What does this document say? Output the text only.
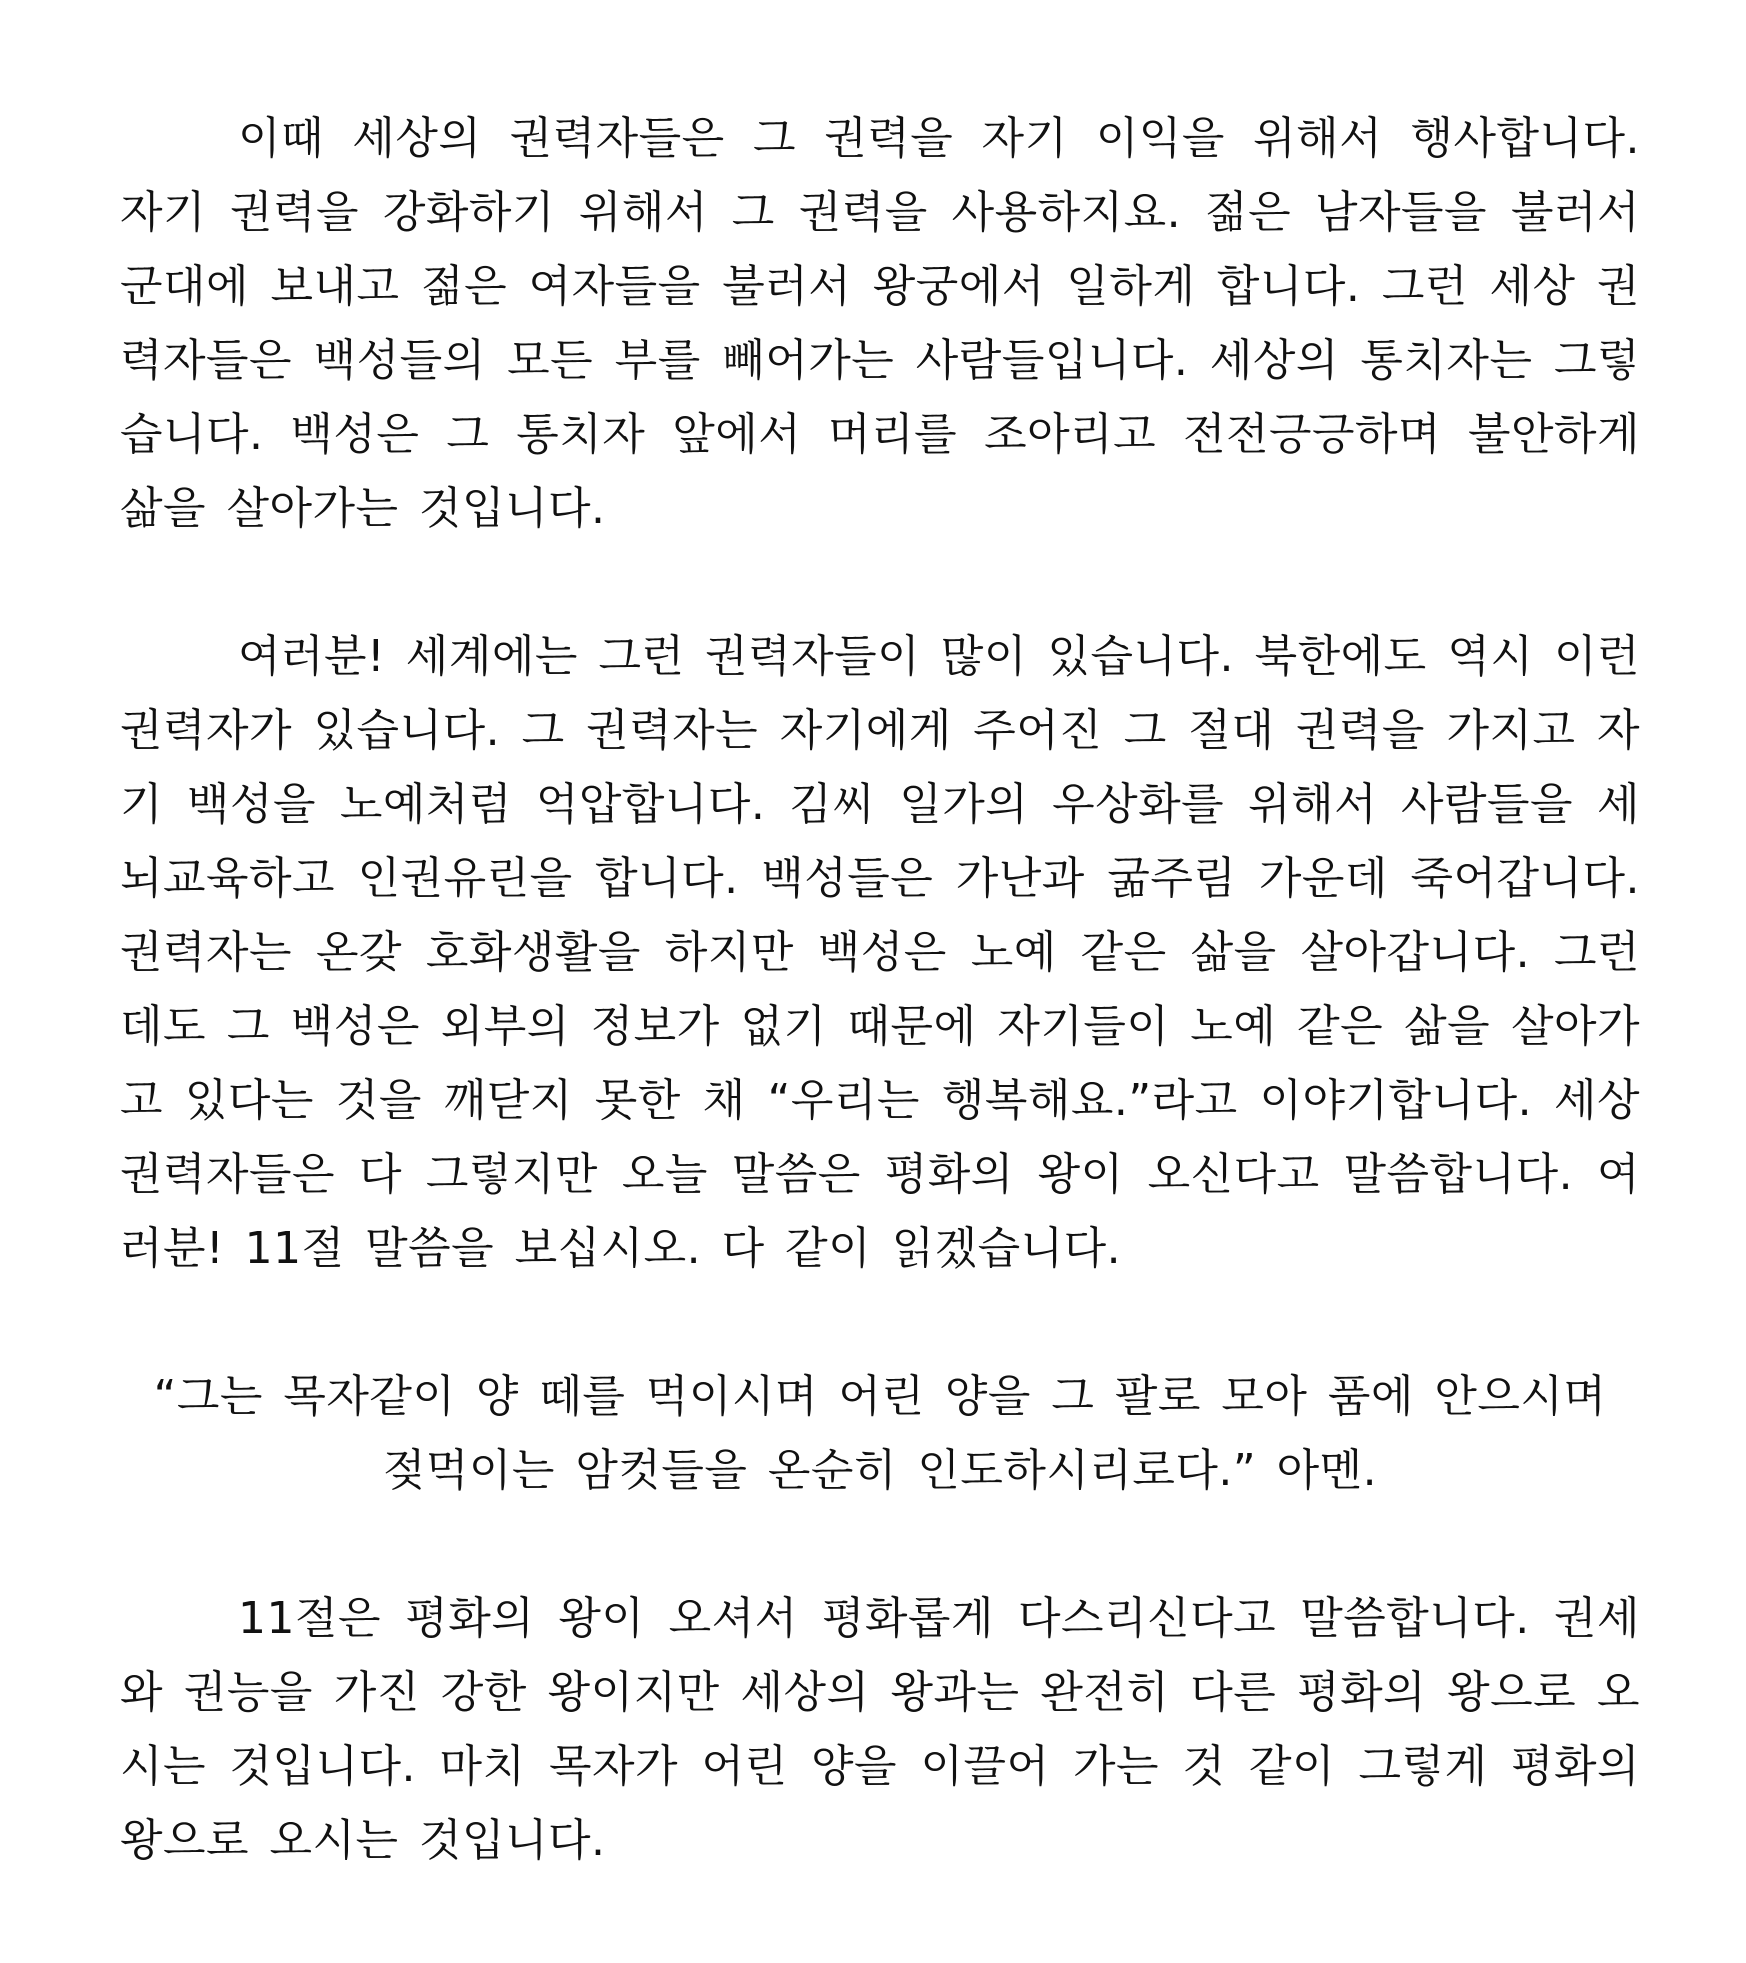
이때 세상의 권력자들은 그 권력을 자기 이익을 위해서 행사합니다. 자기 권력을 강화하기 위해서 그 권력을 사용하지요. 젊은 남자들을 불러서 군대에 보내고 젊은 여자들을 불러서 왕궁에서 일하게 합니다. 그런 세상 권력자들은 백성들의 모든 부를 빼어가는 사람들입니다. 세상의 통치자는 그렇습니다. 백성은 그 통치자 앞에서 머리를 조아리고 전전긍긍하며 불안하게 삶을 살아가는 것입니다.

여러분! 세계에는 그런 권력자들이 많이 있습니다. 북한에도 역시 이런 권력자가 있습니다. 그 권력자는 자기에게 주어진 그 절대 권력을 가지고 자기 백성을 노예처럼 억압합니다. 김씨 일가의 우상화를 위해서 사람들을 세뇌교육하고 인권유린을 합니다. 백성들은 가난과 굶주림 가운데 죽어갑니다. 권력자는 온갖 호화생활을 하지만 백성은 노예 같은 삶을 살아갑니다. 그런데도 그 백성은 외부의 정보가 없기 때문에 자기들이 노예 같은 삶을 살아가고 있다는 것을 깨닫지 못한 채 “우리는 행복해요.”라고 이야기합니다. 세상 권력자들은 다 그렇지만 오늘 말씀은 평화의 왕이 오신다고 말씀합니다. 여러분! 11절 말씀을 보십시오. 다 같이 읽겠습니다.

“그는 목자같이 양 떼를 먹이시며 어린 양을 그 팔로 모아 품에 안으시며
젖먹이는 암컷들을 온순히 인도하시리로다.” 아멘.

11절은 평화의 왕이 오셔서 평화롭게 다스리신다고 말씀합니다. 권세와 권능을 가진 강한 왕이지만 세상의 왕과는 완전히 다른 평화의 왕으로 오시는 것입니다. 마치 목자가 어린 양을 이끌어 가는 것 같이 그렇게 평화의 왕으로 오시는 것입니다.
